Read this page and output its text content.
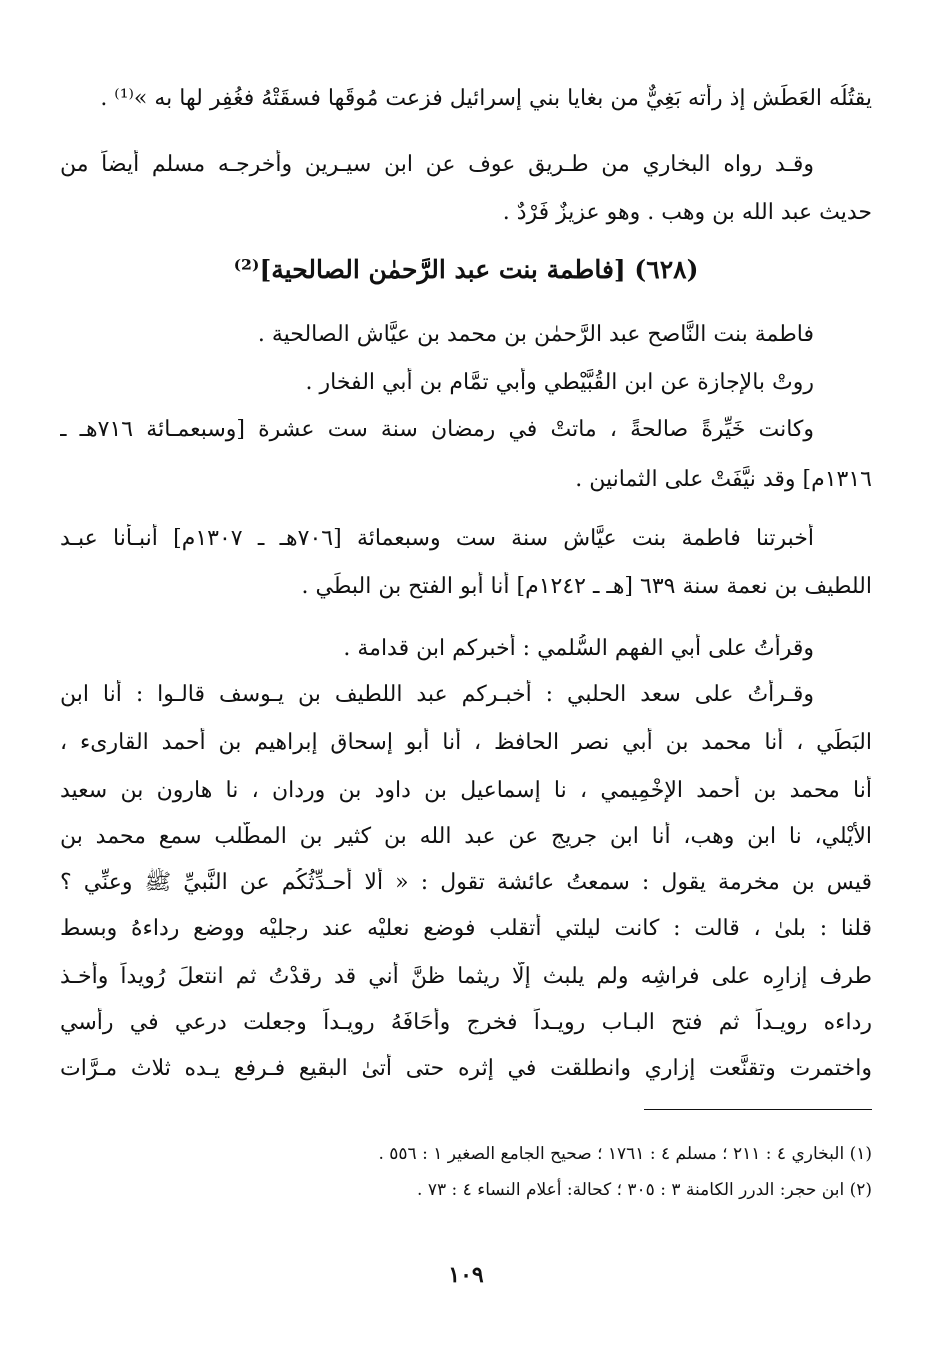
يقتُلُه العَطَش إذ رأته بَغِيٌّ من بغايا بني إسرائيل فزعت مُوقَها فسقَتْهُ فغُفِر لها به »⁽¹⁾ .
وقـد رواه البخاري من طـريق عوف عن ابن سيـرين وأخرجـه مسلم أيضاً من
حديث عبد الله بن وهب . وهو عزيزٌ فَرْدٌ .
(٦٢٨) [فاطمة بنت عبد الرَّحمٰن الصالحية]⁽²⁾
فاطمة بنت النَّاصح عبد الرَّحمٰن بن محمد بن عيَّاش الصالحية .
روتْ بالإجازة عن ابن القُبَّيْطي وأبي تمَّام بن أبي الفخار .
وكانت خَيِّرةً صالحةً ، ماتتْ في رمضان سنة ست عشرة [وسبعمـائة ٧١٦هـ ـ
١٣١٦م] وقد نيَّفَتْ على الثمانين .
أخبرتنا فاطمة بنت عيَّاش سنة ست وسبعمائة [٧٠٦هـ ـ ١٣٠٧م] أنبـأنا عبـد
اللطيف بن نعمة سنة ٦٣٩ [هـ ـ ١٢٤٢م] أنا أبو الفتح بن البطِّي .
وقرأتُ على أبي الفهم السُّلمي : أخبركم ابن قدامة .
وقـرأتُ على سعد الحلبي : أخبـركم عبد اللطيف بن يـوسف قالـوا : أنا ابن
البَطِّي ، أنا محمد بن أبي نصر الحافظ ، أنا أبو إسحاق إبراهيم بن أحمد القارىء ،
أنا محمد بن أحمد الإخْمِيمي ، نا إسماعيل بن داود بن وردان ، نا هارون بن سعيد
الأَيْلي، نا ابن وهب، أنا ابن جريج عن عبد الله بن كثير بن المطَّلب سمع محمد بن
قيس بن مخرمة يقول : سمعتُ عائشة تقول : « ألا أحـدِّثُكُم عن النَّبيِّ ﷺ وعنِّي ؟
قلنا : بلىٰ ، قالت : كانت ليلتي أتقلب فوضع نعليْه عند رجليْه ووضع رداءهُ وبسط
طرف إزارِه على فراشِه ولم يلبث إلَّا ريثما ظنَّ أني قد رقدْتُ ثم انتعلَ رُويداً وأخـذ
رداءه رويـداً ثم فتح البـاب رويـداً فخرج وأحَافَهُ رويـداً وجعلت درعي في رأسي
واختمرت وتقنَّعت إزاري وانطلقت في إثره حتى أتىٰ البقيع فـرفع يـده ثلاث مـرَّات
(١) البخاري ٤ : ٢١١ ؛ مسلم ٤ : ١٧٦١ ؛ صحيح الجامع الصغير ١ : ٥٥٦ .
(٢) ابن حجر: الدرر الكامنة ٣ : ٣٠٥ ؛ كحالة: أعلام النساء ٤ : ٧٣ .
١٠٩
